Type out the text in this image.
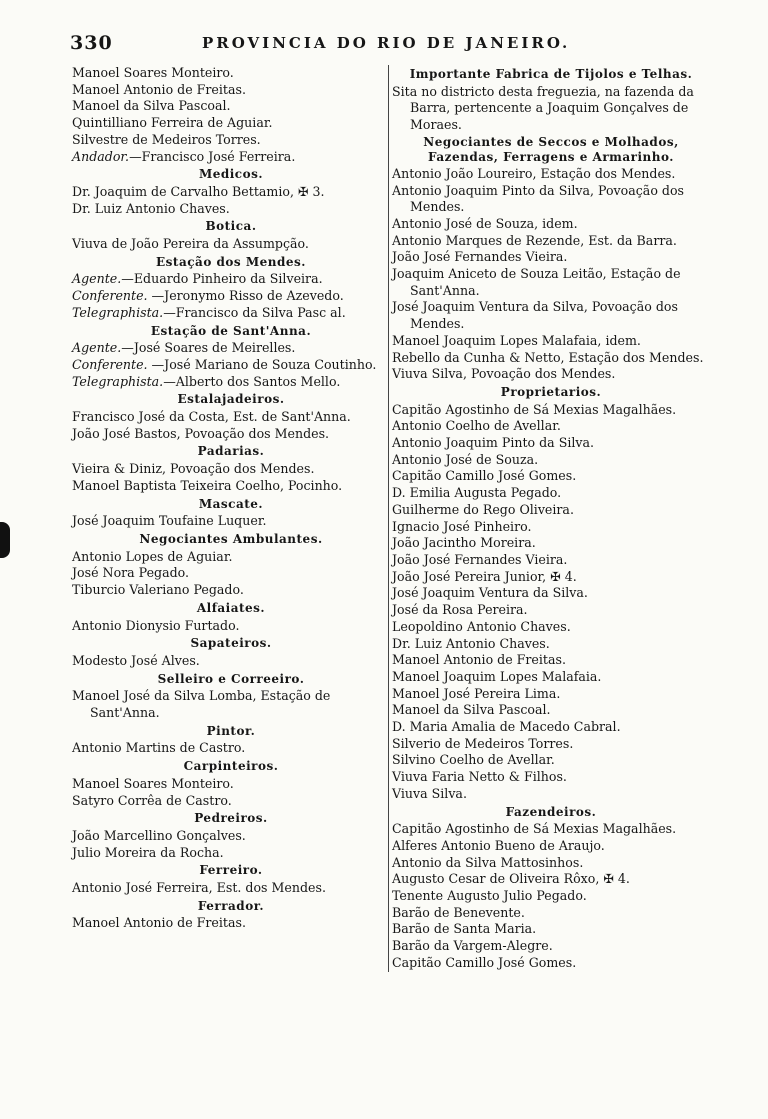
330	PROVINCIA DO RIO DE JANEIRO.

Manoel Soares Monteiro.

Manoel Antonio de Freitas.

Manoel da Silva Pascoal.

Quintilliano Ferreira de Aguiar.

Silvestre de Medeiros Torres.

Andador.—Francisco José Ferreira.

Medicos.

Dr. Joaquim de Carvalho Bettamio, ✠ 3.

Dr. Luiz Antonio Chaves.

Botica.

Viuva de João Pereira da Assumpção.

Estação dos Mendes.

Agente.—Eduardo Pinheiro da Silveira.

Conferente. —Jeronymo Risso de Azevedo.

Telegraphista.—Francisco da Silva Pasc al.

Estação de Sant'Anna.

Agente.—José Soares de Meirelles.

Conferente. —José Mariano de Souza Coutinho.

Telegraphista.—Alberto dos Santos Mello.

Estalajadeiros.

Francisco José da Costa, Est. de Sant'Anna.

João José Bastos, Povoação dos Mendes.

Padarias.

Vieira & Diniz, Povoação dos Mendes.

Manoel Baptista Teixeira Coelho, Pocinho.

Mascate.

José Joaquim Toufaine Luquer.

Negociantes Ambulantes.

Antonio Lopes de Aguiar.

José Nora Pegado.

Tiburcio Valeriano Pegado.

Alfaiates.

Antonio Dionysio Furtado.

Sapateiros.

Modesto José Alves.

Selleiro e Correeiro.

Manoel José da Silva Lomba, Estação de Sant'Anna.

Pintor.

Antonio Martins de Castro.

Carpinteiros.

Manoel Soares Monteiro.

Satyro Corrêa de Castro.

Pedreiros.

João Marcellino Gonçalves.

Julio Moreira da Rocha.

Ferreiro.

Antonio José Ferreira, Est. dos Mendes.

Ferrador.

Manoel Antonio de Freitas.

Importante Fabrica de Tijolos e Telhas.

Sita no districto desta freguezia, na fazenda da Barra, pertencente a Joaquim Gonçalves de Moraes.

Negociantes de Seccos e Molhados, Fazendas, Ferragens e Armarinho.

Antonio João Loureiro, Estação dos Mendes.

Antonio Joaquim Pinto da Silva, Povoação dos Mendes.

Antonio José de Souza, idem.

Antonio Marques de Rezende, Est. da Barra.

João José Fernandes Vieira.

Joaquim Aniceto de Souza Leitão, Estação de Sant'Anna.

José Joaquim Ventura da Silva, Povoação dos Mendes.

Manoel Joaquim Lopes Malafaia, idem.

Rebello da Cunha & Netto, Estação dos Mendes.

Viuva Silva, Povoação dos Mendes.

Proprietarios.

Capitão Agostinho de Sá Mexias Magalhães.

Antonio Coelho de Avellar.

Antonio Joaquim Pinto da Silva.

Antonio José de Souza.

Capitão Camillo José Gomes.

D. Emilia Augusta Pegado.

Guilherme do Rego Oliveira.

Ignacio José Pinheiro.

João Jacintho Moreira.

João José Fernandes Vieira.

João José Pereira Junior, ✠ 4.

José Joaquim Ventura da Silva.

José da Rosa Pereira.

Leopoldino Antonio Chaves.

Dr. Luiz Antonio Chaves.

Manoel Antonio de Freitas.

Manoel Joaquim Lopes Malafaia.

Manoel José Pereira Lima.

Manoel da Silva Pascoal.

D. Maria Amalia de Macedo Cabral.

Silverio de Medeiros Torres.

Silvino Coelho de Avellar.

Viuva Faria Netto & Filhos.

Viuva Silva.

Fazendeiros.

Capitão Agostinho de Sá Mexias Magalhães.

Alferes Antonio Bueno de Araujo.

Antonio da Silva Mattosinhos.

Augusto Cesar de Oliveira Rôxo, ✠ 4.

Tenente Augusto Julio Pegado.

Barão de Benevente.

Barão de Santa Maria.

Barão da Vargem-Alegre.

Capitão Camillo José Gomes.
